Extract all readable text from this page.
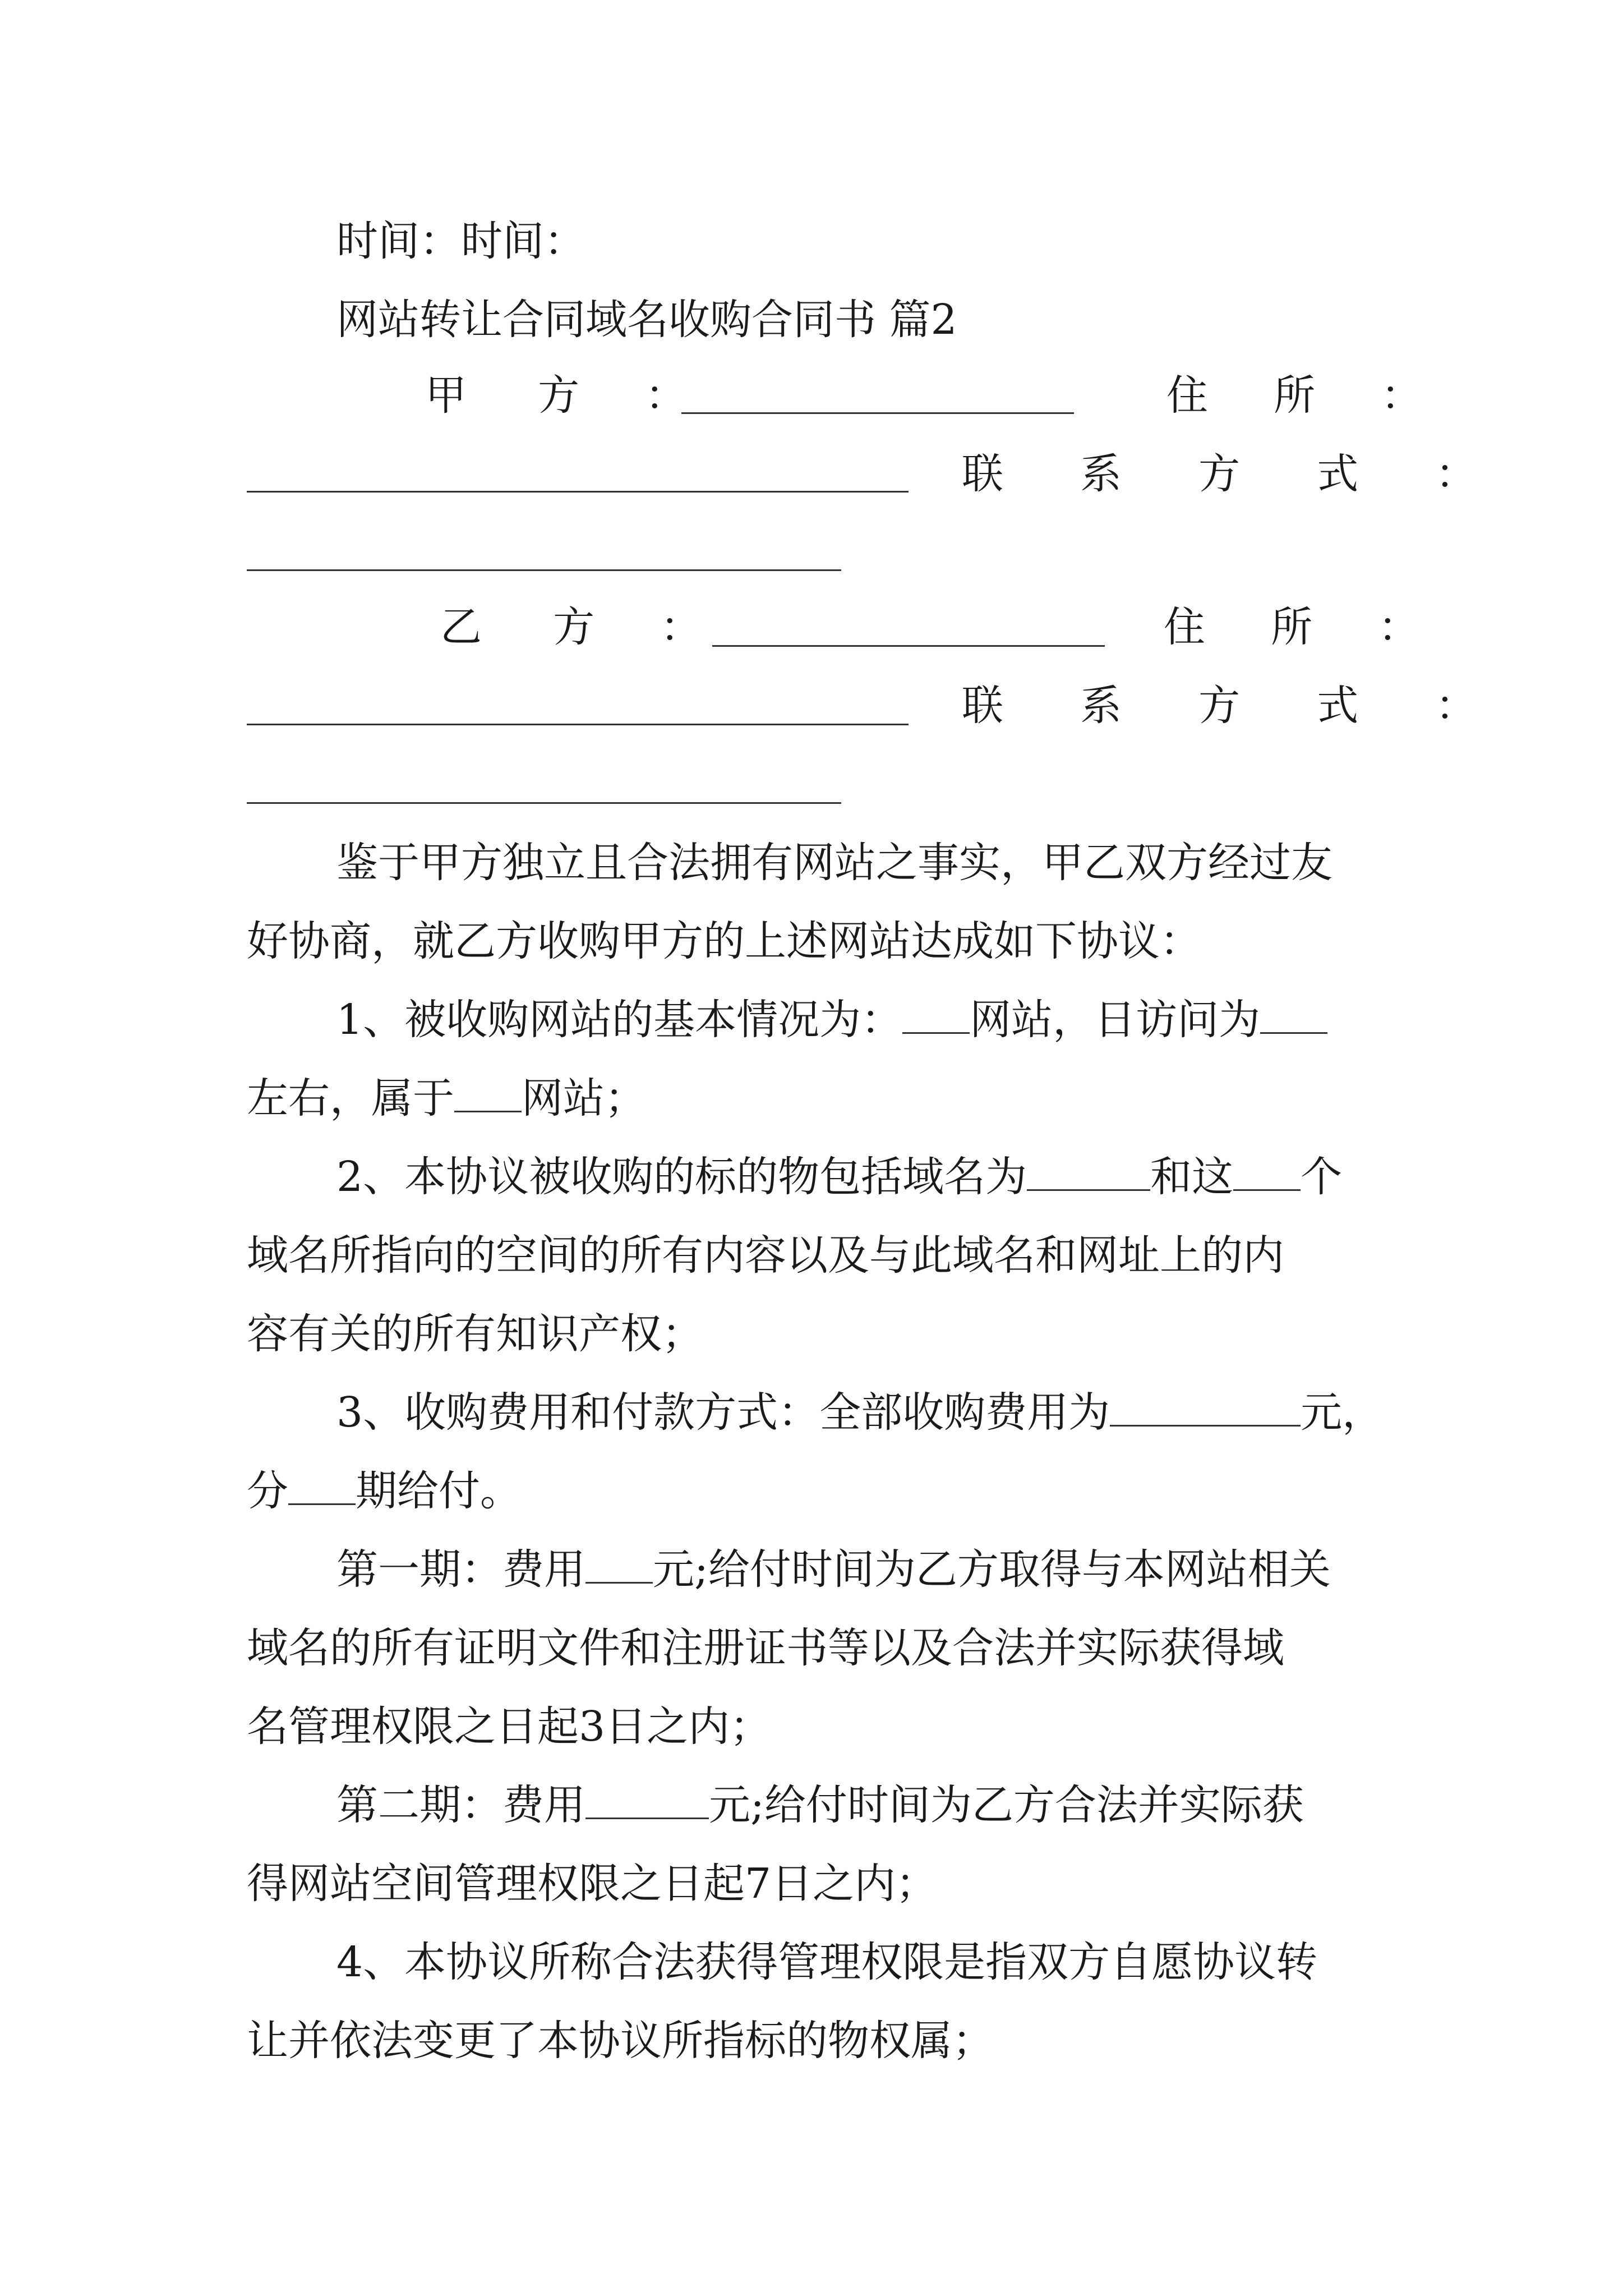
时间：时间：
网站转让合同域名收购合同书 篇2
甲 方 ：	住 所 ：
联 系 方 式 ：
乙 方 ：	住 所 ：
联 系 方 式 ：
鉴于甲方独立且合法拥有网站之事实，甲乙双方经过友
好协商，就乙方收购甲方的上述网站达成如下协议：
1、被收购网站的基本情况为： 网站，日访问为
左右，属于 网站；
2、本协议被收购的标的物包括域名为	和这 个
域名所指向的空间的所有内容以及与此域名和网址上的内
容有关的所有知识产权；
3、收购费用和付款方式：全部收购费用为	元，
分 期给付。
第一期：费用 元;给付时间为乙方取得与本网站相关
域名的所有证明文件和注册证书等以及合法并实际获得域
名管理权限之日起3日之内；
第二期：费用	元;给付时间为乙方合法并实际获
得网站空间管理权限之日起7日之内；
4、本协议所称合法获得管理权限是指双方自愿协议转
让并依法变更了本协议所指标的物权属；
